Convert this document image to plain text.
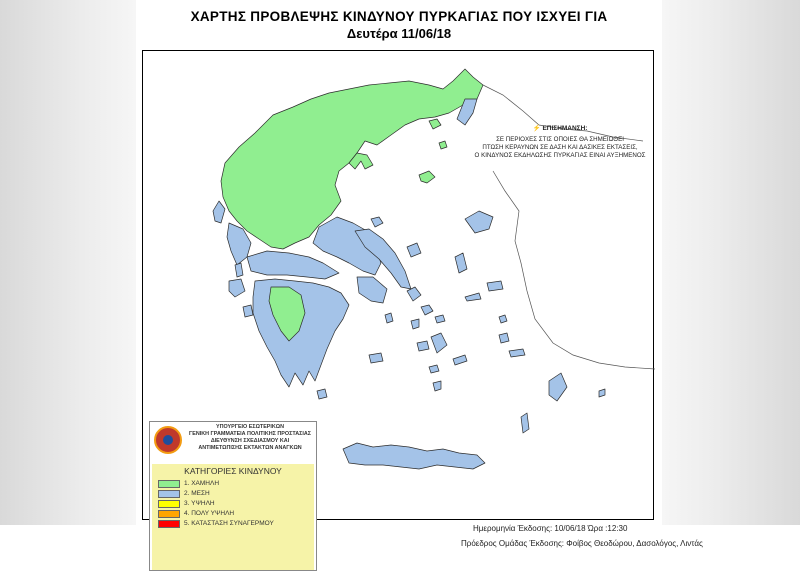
ΧΑΡΤΗΣ ΠΡΟΒΛΕΨΗΣ ΚΙΝΔΥΝΟΥ ΠΥΡΚΑΓΙΑΣ ΠΟΥ ΙΣΧΥΕΙ ΓΙΑ
Δευτέρα 11/06/18
⚡ ΕΠΙΣΗΜΑΝΣΗ:
ΣΕ ΠΕΡΙΟΧΕΣ ΣΤΙΣ ΟΠΟΙΕΣ ΘΑ ΣΗΜΕΙΩΘΕΙ
ΠΤΩΣΗ ΚΕΡΑΥΝΩΝ ΣΕ ΔΑΣΗ ΚΑΙ ΔΑΣΙΚΕΣ ΕΚΤΑΣΕΙΣ,
Ο ΚΙΝΔΥΝΟΣ ΕΚΔΗΛΩΣΗΣ ΠΥΡΚΑΓΙΑΣ ΕΙΝΑΙ ΑΥΞΗΜΕΝΟΣ
ΥΠΟΥΡΓΕΙΟ ΕΣΩΤΕΡΙΚΩΝ
ΓΕΝΙΚΗ ΓΡΑΜΜΑΤΕΙΑ ΠΟΛΙΤΙΚΗΣ ΠΡΟΣΤΑΣΙΑΣ
ΔΙΕΥΘΥΝΣΗ ΣΧΕΔΙΑΣΜΟΥ ΚΑΙ
ΑΝΤΙΜΕΤΩΠΙΣΗΣ ΕΚΤΑΚΤΩΝ ΑΝΑΓΚΩΝ
ΚΑΤΗΓΟΡΙΕΣ ΚΙΝΔΥΝΟΥ
1. ΧΑΜΗΛΗ
2. ΜΕΣΗ
3. ΥΨΗΛΗ
4. ΠΟΛΥ ΥΨΗΛΗ
5. ΚΑΤΑΣΤΑΣΗ ΣΥΝΑΓΕΡΜΟΥ
Ημερομηνία Έκδοσης: 10/06/18 Ώρα :12:30
Πρόεδρος Ομάδας Έκδοσης: Φοίβος Θεοδώρου, Δασολόγος, Λιντάς
